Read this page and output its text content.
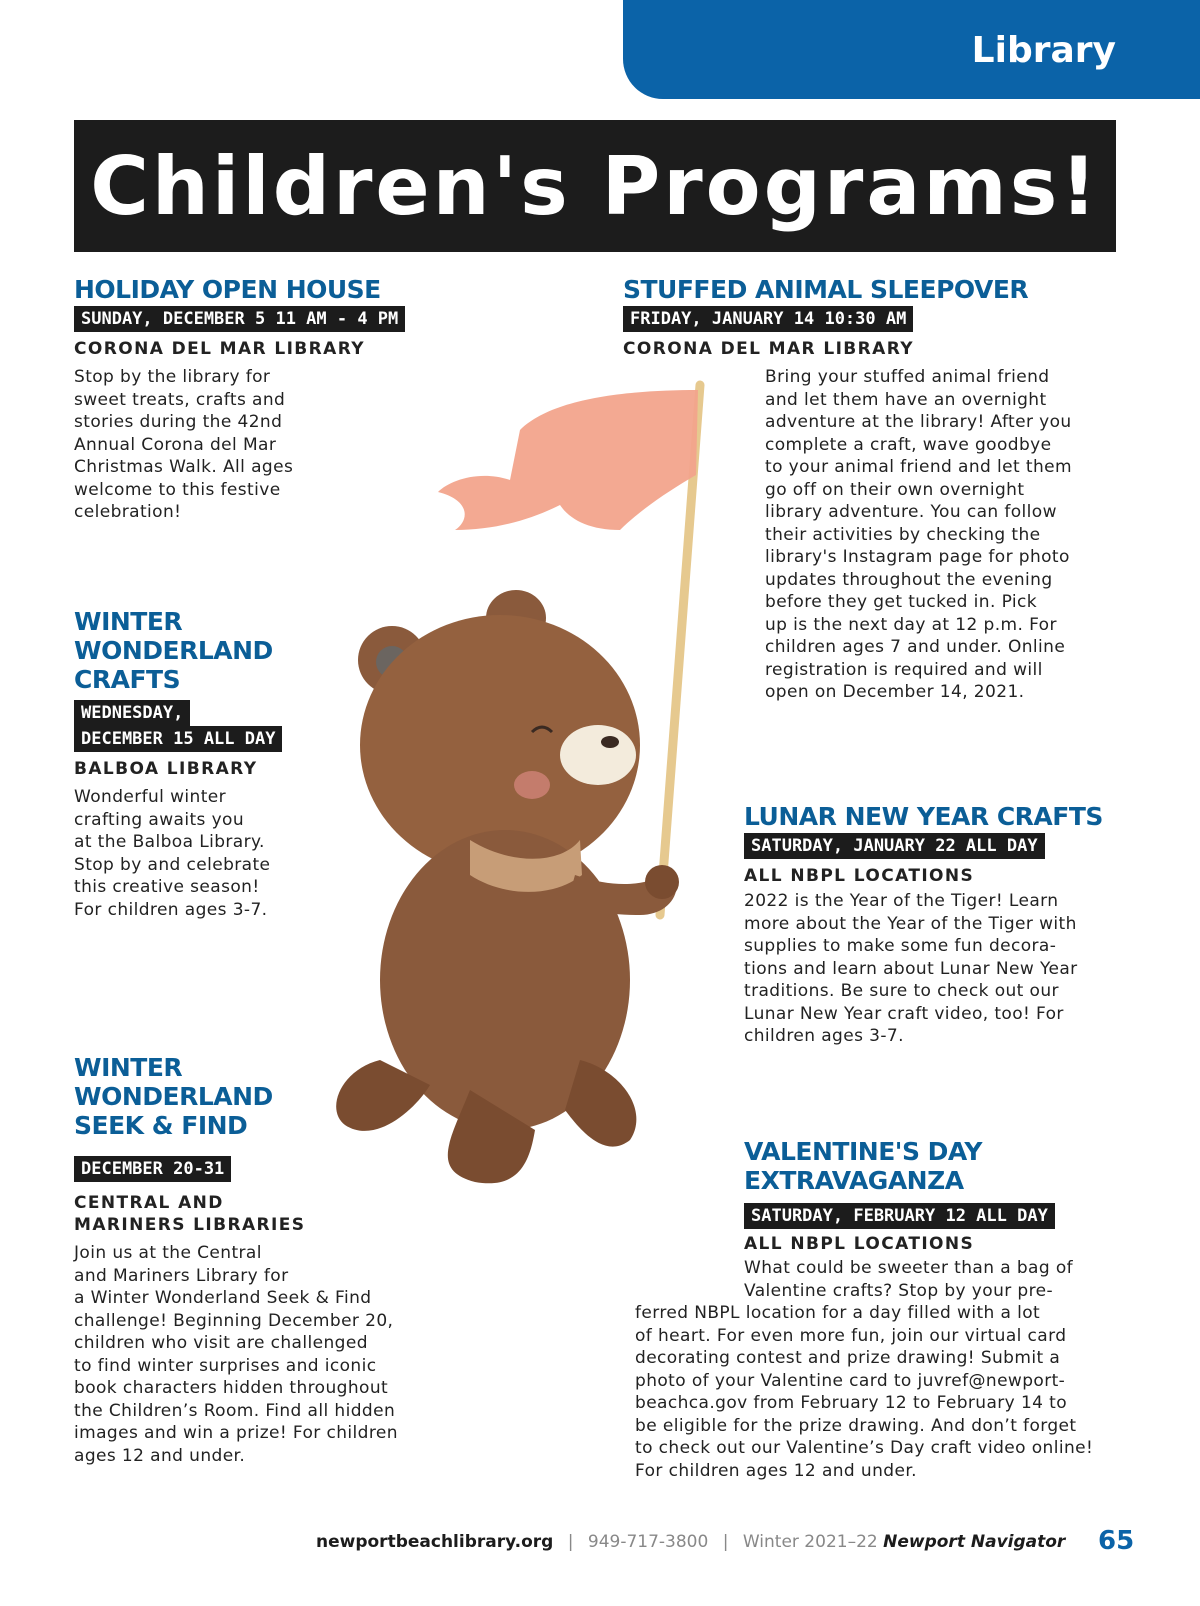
Library
Children's Programs!
HOLIDAY OPEN HOUSE
SUNDAY, DECEMBER 5 11 AM - 4 PM
CORONA DEL MAR LIBRARY
Stop by the library for
sweet treats, crafts and
stories during the 42nd
Annual Corona del Mar
Christmas Walk. All ages
welcome to this festive
celebration!
WINTER
WONDERLAND
CRAFTS
WEDNESDAY,
DECEMBER 15 ALL DAY
BALBOA LIBRARY
Wonderful winter
crafting awaits you
at the Balboa Library.
Stop by and celebrate
this creative season!
For children ages 3-7.
WINTER
WONDERLAND
SEEK & FIND
DECEMBER 20-31
CENTRAL AND
MARINERS LIBRARIES
Join us at the Central
and Mariners Library for
a Winter Wonderland Seek & Find
challenge! Beginning December 20,
children who visit are challenged
to find winter surprises and iconic
book characters hidden throughout
the Children’s Room. Find all hidden
images and win a prize! For children
ages 12 and under.
STUFFED ANIMAL SLEEPOVER
FRIDAY, JANUARY 14 10:30 AM
CORONA DEL MAR LIBRARY
Bring your stuffed animal friend
and let them have an overnight
adventure at the library! After you
complete a craft, wave goodbye
to your animal friend and let them
go off on their own overnight
library adventure. You can follow
their activities by checking the
library's Instagram page for photo
updates throughout the evening
before they get tucked in. Pick
up is the next day at 12 p.m. For
children ages 7 and under. Online
registration is required and will
open on December 14, 2021.
LUNAR NEW YEAR CRAFTS
SATURDAY, JANUARY 22 ALL DAY
ALL NBPL LOCATIONS
2022 is the Year of the Tiger! Learn
more about the Year of the Tiger with
supplies to make some fun decora-
tions and learn about Lunar New Year
traditions. Be sure to check out our
Lunar New Year craft video, too! For
children ages 3-7.
VALENTINE'S DAY
EXTRAVAGANZA
SATURDAY, FEBRUARY 12 ALL DAY
ALL NBPL LOCATIONS
What could be sweeter than a bag of
Valentine crafts? Stop by your pre-
ferred NBPL location for a day filled with a lot
of heart. For even more fun, join our virtual card
decorating contest and prize drawing! Submit a
photo of your Valentine card to juvref@newport-
beachca.gov from February 12 to February 14 to
be eligible for the prize drawing. And don’t forget
to check out our Valentine’s Day craft video online!
For children ages 12 and under.
newportbeachlibrary.org | 949-717-3800 | Winter 2021–22 Newport Navigator 65
